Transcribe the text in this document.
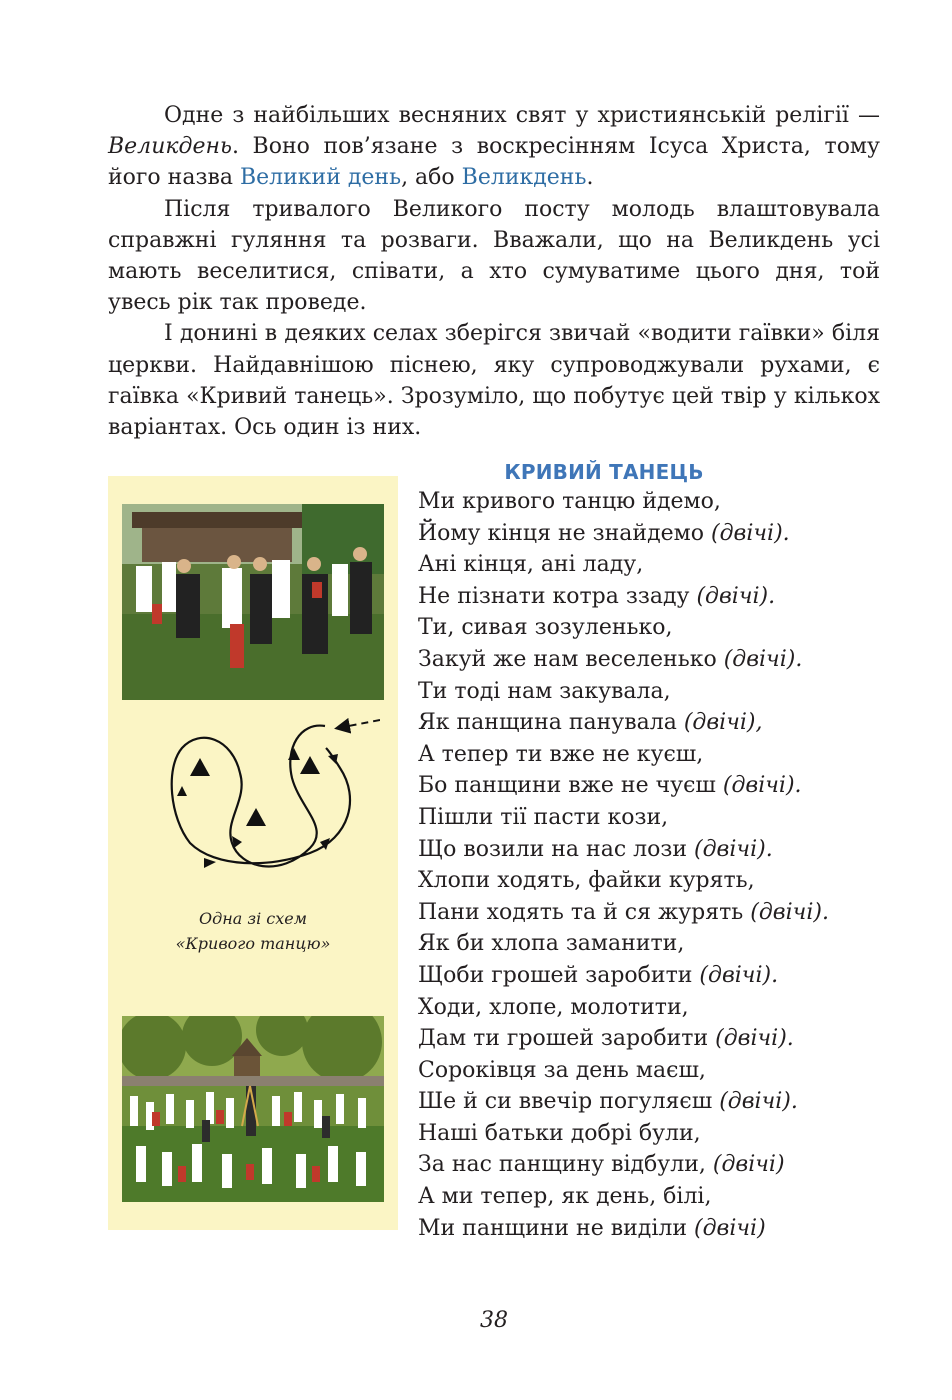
Одне з найбільших весняних свят у християнській релігії — Великдень. Воно пов’язане з воскресінням Ісуса Христа, тому його назва Великий день, або Великдень.

Після тривалого Великого посту молодь влаштовувала справжні гуляння та розваги. Вважали, що на Великдень усі мають веселитися, співати, а хто сумуватиме цього дня, той увесь рік так проведе.

І донині в деяких селах зберігся звичай «водити гаївки» біля церкви. Найдавнішою піснею, яку супроводжували рухами, є гаївка «Кривий танець». Зрозуміло, що побутує цей твір у кількох варіантах. Ось один із них.

Одна зі схем
«Кривого танцю»
КРИВИЙ ТАНЕЦЬ
Ми кривого танцю йдемо,
Йому кінця не знайдемо (двічі).
Ані кінця, ані ладу,
Не пізнати котра ззаду (двічі).
Ти, сивая зозуленько,
Закуй же нам веселенько (двічі).
Ти тоді нам закувала,
Як панщина панувала (двічі),
А тепер ти вже не куєш,
Бо панщини вже не чуєш (двічі).
Пішли тії пасти кози,
Що возили на нас лози (двічі).
Хлопи ходять, файки курять,
Пани ходять та й ся журять (двічі).
Як би хлопа заманити,
Щоби грошей заробити (двічі).
Ходи, хлопе, молотити,
Дам ти грошей заробити (двічі).
Сороківця за день маєш,
Ше й си ввечір погуляєш (двічі).
Наші батьки добрі були,
За нас панщину відбули, (двічі)
А ми тепер, як день, білі,
Ми панщини не виділи (двічі)
38
